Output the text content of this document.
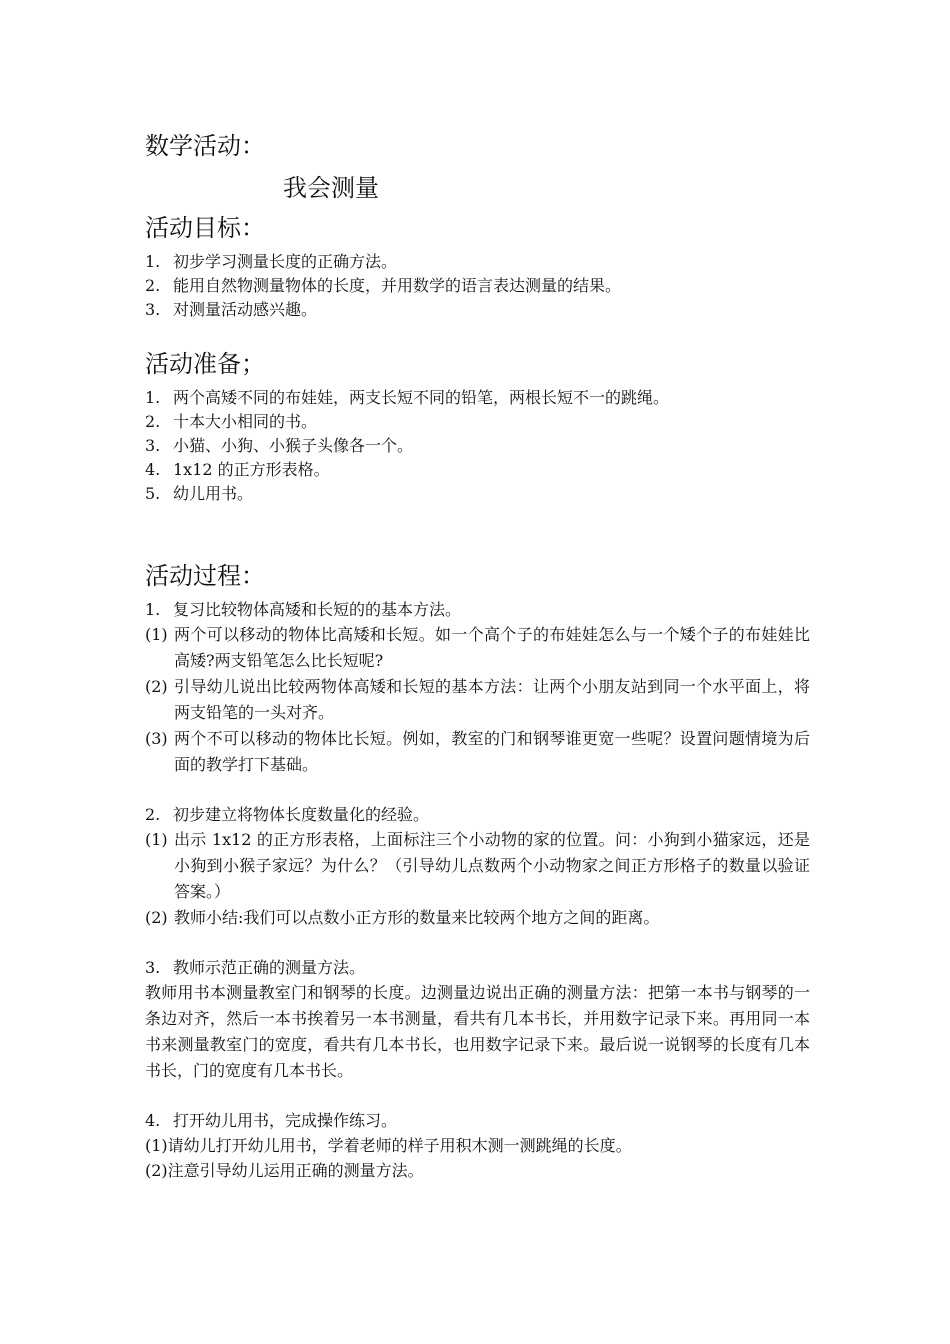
数学活动：
我会测量
活动目标：
1. 初步学习测量长度的正确方法。
2. 能用自然物测量物体的长度，并用数学的语言表达测量的结果。
3. 对测量活动感兴趣。
活动准备；
1. 两个高矮不同的布娃娃，两支长短不同的铅笔，两根长短不一的跳绳。
2. 十本大小相同的书。
3. 小猫、小狗、小猴子头像各一个。
4. 1x12 的正方形表格。
5. 幼儿用书。
活动过程：

1. 复习比较物体高矮和长短的的基本方法。

(1) 两个可以移动的物体比高矮和长短。如一个高个子的布娃娃怎么与一个矮个子的布娃娃比高矮?两支铅笔怎么比长短呢?

(2) 引导幼儿说出比较两物体高矮和长短的基本方法：让两个小朋友站到同一个水平面上，将两支铅笔的一头对齐。

(3) 两个不可以移动的物体比长短。例如，教室的门和钢琴谁更宽一些呢？设置问题情境为后面的教学打下基础。

2. 初步建立将物体长度数量化的经验。

(1) 出示 1x12 的正方形表格，上面标注三个小动物的家的位置。问：小狗到小猫家远，还是小狗到小猴子家远？为什么？（引导幼儿点数两个小动物家之间正方形格子的数量以验证答案。）

(2) 教师小结:我们可以点数小正方形的数量来比较两个地方之间的距离。

3. 教师示范正确的测量方法。

教师用书本测量教室门和钢琴的长度。边测量边说出正确的测量方法：把第一本书与钢琴的一条边对齐，然后一本书挨着另一本书测量，看共有几本书长，并用数字记录下来。再用同一本书来测量教室门的宽度，看共有几本书长，也用数字记录下来。最后说一说钢琴的长度有几本书长，门的宽度有几本书长。

4. 打开幼儿用书，完成操作练习。

(1)请幼儿打开幼儿用书，学着老师的样子用积木测一测跳绳的长度。

(2)注意引导幼儿运用正确的测量方法。
